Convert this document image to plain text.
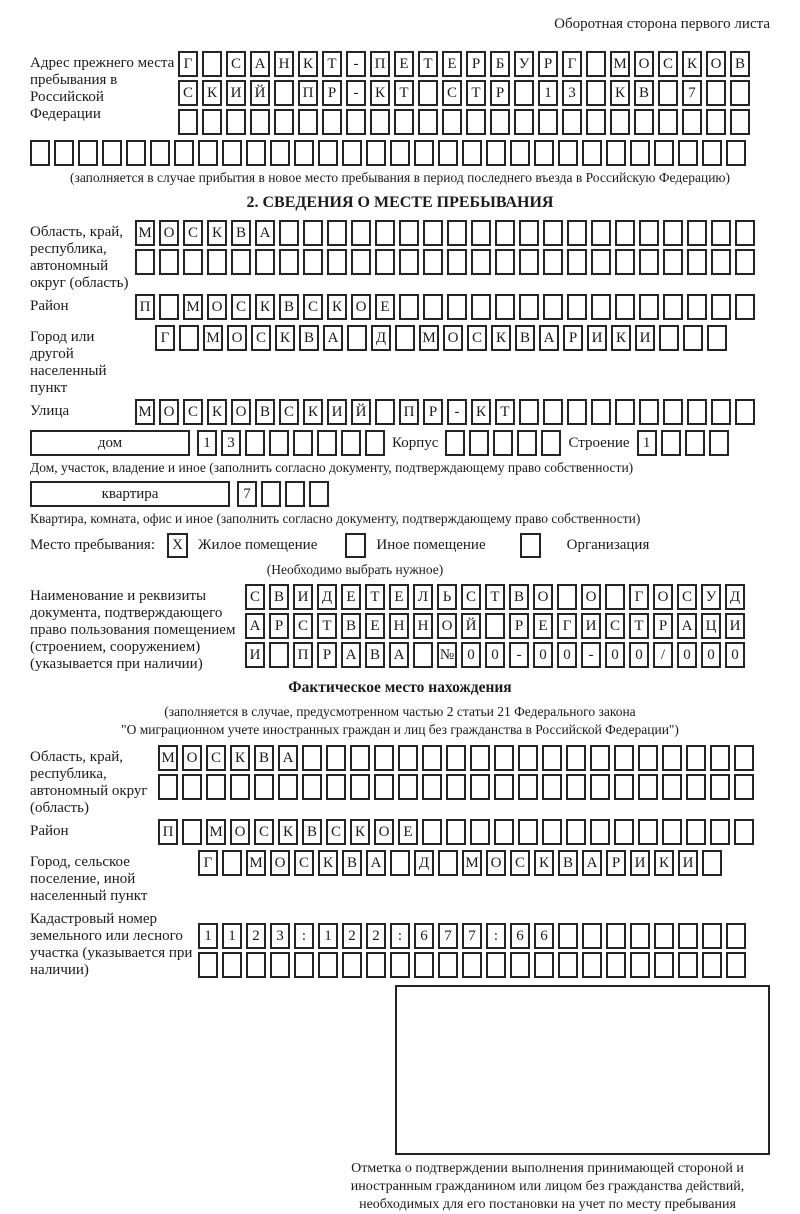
Оборотная сторона первого листа
Адрес прежнего места пребывания в Российской Федерации
Г	С А Н К Т - П Е Т Е Р Б У Р Г М О С К О В
С К И Й П Р - К Т	С Т Р	1 3	К В	7
(заполняется в случае прибытия в новое место пребывания в период последнего въезда в Российскую Федерацию)
2. СВЕДЕНИЯ О МЕСТЕ ПРЕБЫВАНИЯ
Область, край, республика, автономный округ (область)
М О С К В А
Район	П М О С К В С К О Е
Город или другой населенный пункт
Г М О С К В А Д М О С К В А Р И К И
Улица	М О С К О В С К И Й П Р - К Т
дом	1 3	Корпус	Строение 1
Дом, участок, владение и иное (заполнить согласно документу, подтверждающему право собственности)
квартира	7
Квартира, комната, офис и иное (заполнить согласно документу, подтверждающему право собственности)
Место пребывания:	X	Жилое помещение	Иное помещение	Организация
(Необходимо выбрать нужное)
Наименование и реквизиты документа, подтверждающего право пользования помещением (строением, сооружением) (указывается при наличии)
С В И Д Е Т Е Л Ь С Т В О О	Г О С У Д
А Р С Т В Е Н Н О Й	Р Е Г И С Т Р А Ц И
И П Р А В А № 0 0 - 0 0 - 0 0 / 0 0 0
Фактическое место нахождения
(заполняется в случае, предусмотренном частью 2 статьи 21 Федерального закона
"О миграционном учете иностранных граждан и лиц без гражданства в Российской Федерации")
Область, край, республика, автономный округ (область)
М О С К В А
Район	П М О С К В С К О Е
Город, сельское поселение, иной населенный пункт
Г М О С К В А Д М О С К В А Р И К И
Кадастровый номер земельного или лесного участка (указывается при наличии)
1 1 2 3 : 1 2 2 : 6 7 7 : 6 6
Отметка о подтверждении выполнения принимающей стороной и иностранным гражданином или лицом без гражданства действий, необходимых для его постановки на учет по месту пребывания
